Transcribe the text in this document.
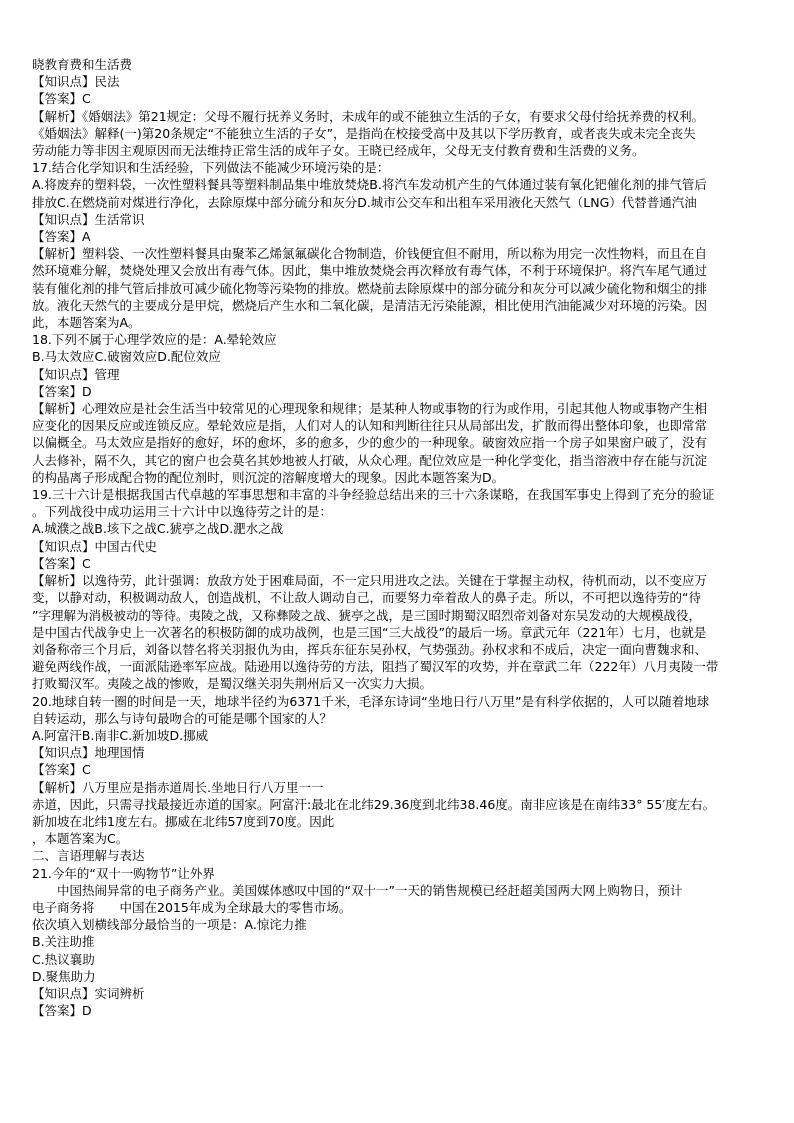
晓教育费和生活费
【知识点】民法
【答案】C
【解析】《婚姻法》第21规定：父母不履行抚养义务时，未成年的或不能独立生活的子女，有要求父母付给抚养费的权利。
《婚姻法》解释(一)第20条规定“不能独立生活的子女”，是指尚在校接受高中及其以下学历教育，或者丧失或未完全丧失
劳动能力等非因主观原因而无法维持正常生活的成年子女。王晓已经成年，父母无支付教育费和生活费的义务。
17.结合化学知识和生活经验，下列做法不能减少环境污染的是：
A.将废弃的塑料袋，一次性塑料餐具等塑料制品集中堆放焚烧B.将汽车发动机产生的气体通过装有氧化钯催化剂的排气管后
排放C.在燃烧前对煤进行净化，去除原煤中部分硫分和灰分D.城市公交车和出租车采用液化天然气（LNG）代替普通汽油
【知识点】生活常识
【答案】A
【解析】塑料袋、一次性塑料餐具由聚苯乙烯氯氟碳化合物制造，价钱便宜但不耐用，所以称为用完一次性物料，而且在自
然环境难分解，焚烧处理又会放出有毒气体。因此，集中堆放焚烧会再次释放有毒气体，不利于环境保护。将汽车尾气通过
装有催化剂的排气管后排放可减少硫化物等污染物的排放。燃烧前去除原煤中的部分硫分和灰分可以减少硫化物和烟尘的排
放。液化天然气的主要成分是甲烷，燃烧后产生水和二氧化碳，是清洁无污染能源，相比使用汽油能减少对环境的污染。因
此，本题答案为A。
18.下列不属于心理学效应的是：A.晕轮效应
B.马太效应C.破窗效应D.配位效应
【知识点】管理
【答案】D
【解析】心理效应是社会生活当中较常见的心理现象和规律；是某种人物或事物的行为或作用，引起其他人物或事物产生相
应变化的因果反应或连锁反应。晕轮效应是指，人们对人的认知和判断往往只从局部出发，扩散而得出整体印象，也即常常
以偏概全。马太效应是指好的愈好，坏的愈坏，多的愈多，少的愈少的一种现象。破窗效应指一个房子如果窗户破了，没有
人去修补，隔不久，其它的窗户也会莫名其妙地被人打破，从众心理。配位效应是一种化学变化，指当溶液中存在能与沉淀
的构晶离子形成配合物的配位剂时，则沉淀的溶解度增大的现象。因此本题答案为D。
19.三十六计是根据我国古代卓越的军事思想和丰富的斗争经验总结出来的三十六条谋略，在我国军事史上得到了充分的验证
。下列战役中成功运用三十六计中以逸待劳之计的是：
A.城濮之战B.垓下之战C.猇亭之战D.淝水之战
【知识点】中国古代史
【答案】C
【解析】以逸待劳，此计强调：放敌方处于困难局面，不一定只用进攻之法。关键在于掌握主动权，待机而动，以不变应万
变，以静对动，积极调动敌人，创造战机，不让敌人调动自己，而要努力牵着敌人的鼻子走。所以，不可把以逸待劳的“待
”字理解为消极被动的等待。夷陵之战，又称彝陵之战、猇亭之战，是三国时期蜀汉昭烈帝刘备对东吴发动的大规模战役，
是中国古代战争史上一次著名的积极防御的成功战例，也是三国“三大战役”的最后一场。章武元年（221年）七月，也就是
刘备称帝三个月后，刘备以替名将关羽报仇为由，挥兵东征东吴孙权，气势强劲。孙权求和不成后，决定一面向曹魏求和、
避免两线作战，一面派陆逊率军应战。陆逊用以逸待劳的方法，阻挡了蜀汉军的攻势，并在章武二年（222年）八月夷陵一带
打败蜀汉军。夷陵之战的惨败，是蜀汉继关羽失荆州后又一次实力大损。
20.地球自转一圈的时间是一天，地球半径约为6371千米，毛泽东诗词“坐地日行八万里”是有科学依据的，人可以随着地球
自转运动，那么与诗句最吻合的可能是哪个国家的人？
A.阿富汗B.南非C.新加坡D.挪威
【知识点】地理国情
【答案】C
【解析】八万里应是指赤道周长.坐地日行八万里一一
赤道，因此，只需寻找最接近赤道的国家。阿富汗:最北在北纬29.36度到北纬38.46度。南非应该是在南纬33° 55′度左右。
新加坡在北纬1度左右。挪威在北纬57度到70度。因此
，本题答案为C。
二、言语理解与表达
21.今年的“双十一购物节”让外界
　　中国热闹异常的电子商务产业。美国媒体感叹中国的“双十一”一天的销售规模已经赶超美国两大网上购物日，预计
电子商务将　　中国在2015年成为全球最大的零售市场。
依次填入划横线部分最恰当的一项是：A.惊诧力推
B.关注助推
C.热议襄助
D.聚焦助力
【知识点】实词辨析
【答案】D
